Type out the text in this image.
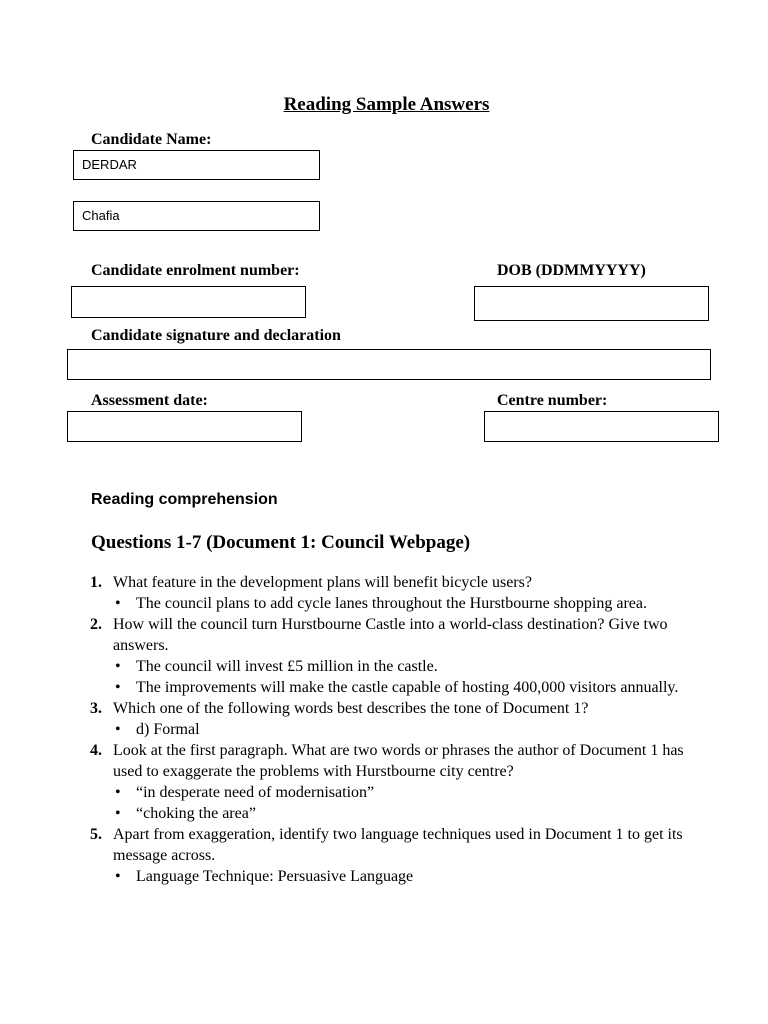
Reading Sample Answers
Candidate Name:
DERDAR
Chafia
Candidate enrolment number:	DOB (DDMMYYYY)
Candidate signature and declaration
Assessment date:	Centre number:
Reading comprehension
Questions 1-7 (Document 1: Council Webpage)
1. What feature in the development plans will benefit bicycle users?
• The council plans to add cycle lanes throughout the Hurstbourne shopping area.
2. How will the council turn Hurstbourne Castle into a world-class destination? Give two answers.
• The council will invest £5 million in the castle.
• The improvements will make the castle capable of hosting 400,000 visitors annually.
3. Which one of the following words best describes the tone of Document 1?
• d) Formal
4. Look at the first paragraph. What are two words or phrases the author of Document 1 has used to exaggerate the problems with Hurstbourne city centre?
• “in desperate need of modernisation”
• “choking the area”
5. Apart from exaggeration, identify two language techniques used in Document 1 to get its message across.
• Language Technique: Persuasive Language
